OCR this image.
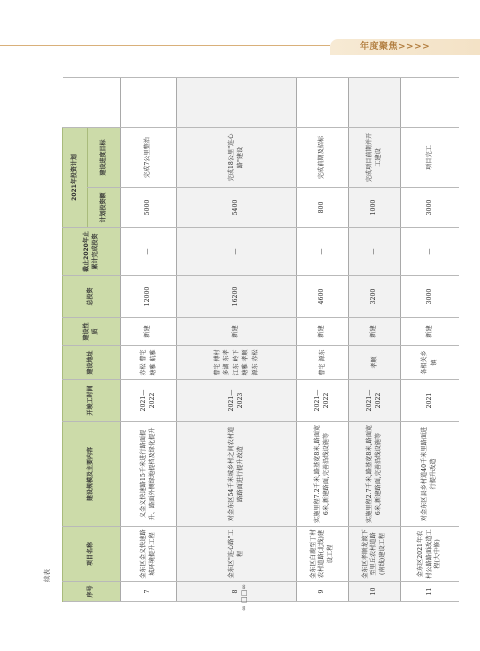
年度聚焦>>>>
续表
序号	项目名称	建设规模及主要内容	开竣工时间	建设地址	建设性质	总投资	截止2020年止累计完成投资	2021年投资计划		
								计划投资额	建设进度目标	
7	金东区金义快速路城环境提升工程	义金义快速路15千米进行路面提升、路面外侧绿地提档及绿化提升	2021—2022	赤松 曹宅 塘雅 航雅	新建	12000	—	5000	完成7公里整治	
8	金东区"连心路"工程	对金东区54千米城乡村之间农村道路路面进行提升改造	2021—2023	曹宅 傅村 多湖 东孝 江东 岭下 塘雅 孝顺 源东 赤松	新建	16200	—	5400	完成18公里"连心路"建设	
9	金东区白鹿至丁村农村道路(北线)建设工程	实施里程7.2千米,路基宽8米,路面宽6米,新建路面,完善沿线设施等	2021—2022	曹宅 源东	新建	4600	—	800	完成前期及招标	
10	金东区孝顺龙渡下至里丘农村道路(南线)建设工程	实施里程2.7千米,路基宽8米,路面宽6米,新建路面,完善沿线设施等	2021—2022	孝顺	新建	3200	—	1000	完成项目前期并开工建设	
11	金东区2021年农村公路路面改造工程(大中修)	对金东区县乡村道40千米里路面进行提升改造	2021	各相关乡镇	新建	3000	—	3000	项目完工	
∞ □□∞
